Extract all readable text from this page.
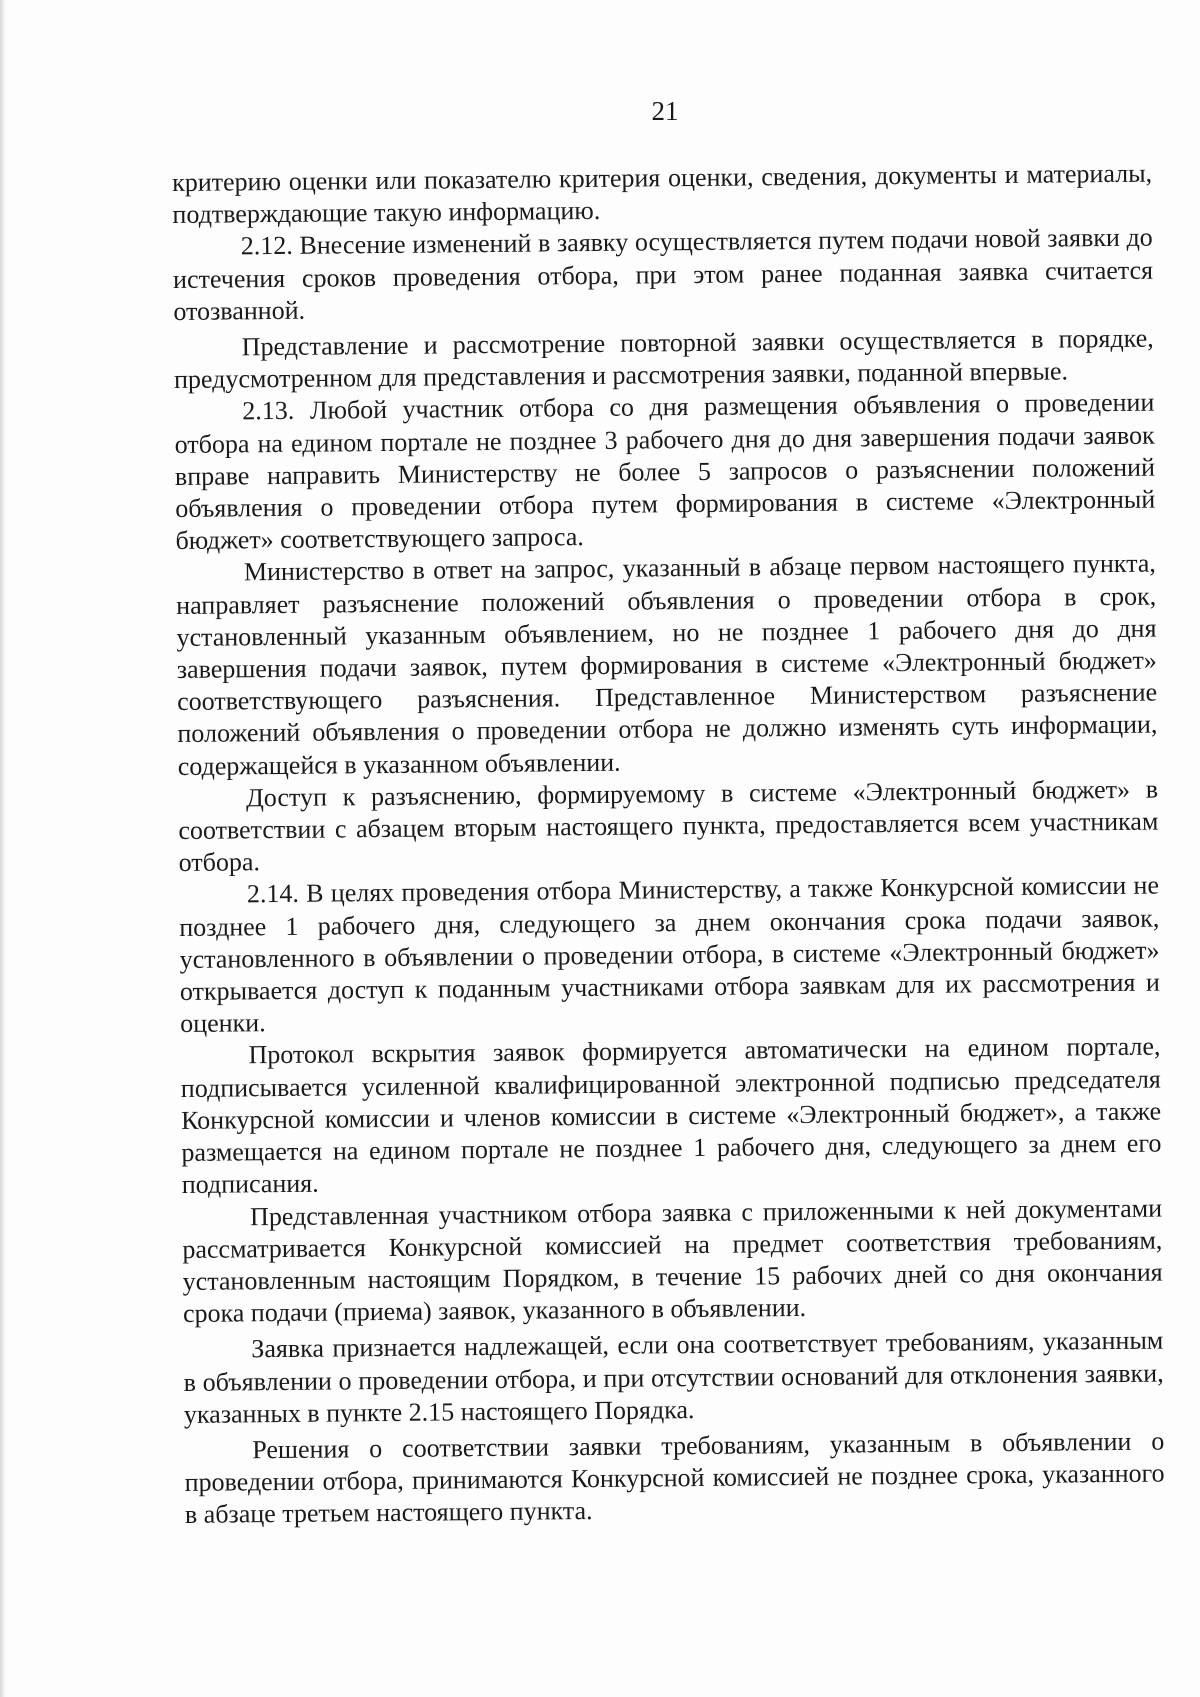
21

критерию оценки или показателю критерия оценки, сведения, документы и материалы, подтверждающие такую информацию.

2.12. Внесение изменений в заявку осуществляется путем подачи новой заявки до истечения сроков проведения отбора, при этом ранее поданная заявка считается отозванной.

Представление и рассмотрение повторной заявки осуществляется в порядке, предусмотренном для представления и рассмотрения заявки, поданной впервые.

2.13. Любой участник отбора со дня размещения объявления о проведении отбора на едином портале не позднее 3 рабочего дня до дня завершения подачи заявок вправе направить Министерству не более 5 запросов о разъяснении положений объявления о проведении отбора путем формирования в системе «Электронный бюджет» соответствующего запроса.

Министерство в ответ на запрос, указанный в абзаце первом настоящего пункта, направляет разъяснение положений объявления о проведении отбора в срок, установленный указанным объявлением, но не позднее 1 рабочего дня до дня завершения подачи заявок, путем формирования в системе «Электронный бюджет» соответствующего разъяснения. Представленное Министерством разъяснение положений объявления о проведении отбора не должно изменять суть информации, содержащейся в указанном объявлении.

Доступ к разъяснению, формируемому в системе «Электронный бюджет» в соответствии с абзацем вторым настоящего пункта, предоставляется всем участникам отбора.

2.14. В целях проведения отбора Министерству, а также Конкурсной комиссии не позднее 1 рабочего дня, следующего за днем окончания срока подачи заявок, установленного в объявлении о проведении отбора, в системе «Электронный бюджет» открывается доступ к поданным участниками отбора заявкам для их рассмотрения и оценки.

Протокол вскрытия заявок формируется автоматически на едином портале, подписывается усиленной квалифицированной электронной подписью председателя Конкурсной комиссии и членов комиссии в системе «Электронный бюджет», а также размещается на едином портале не позднее 1 рабочего дня, следующего за днем его подписания.

Представленная участником отбора заявка с приложенными к ней документами рассматривается Конкурсной комиссией на предмет соответствия требованиям, установленным настоящим Порядком, в течение 15 рабочих дней со дня окончания срока подачи (приема) заявок, указанного в объявлении.

Заявка признается надлежащей, если она соответствует требованиям, указанным в объявлении о проведении отбора, и при отсутствии оснований для отклонения заявки, указанных в пункте 2.15 настоящего Порядка.

Решения о соответствии заявки требованиям, указанным в объявлении о проведении отбора, принимаются Конкурсной комиссией не позднее срока, указанного в абзаце третьем настоящего пункта.
